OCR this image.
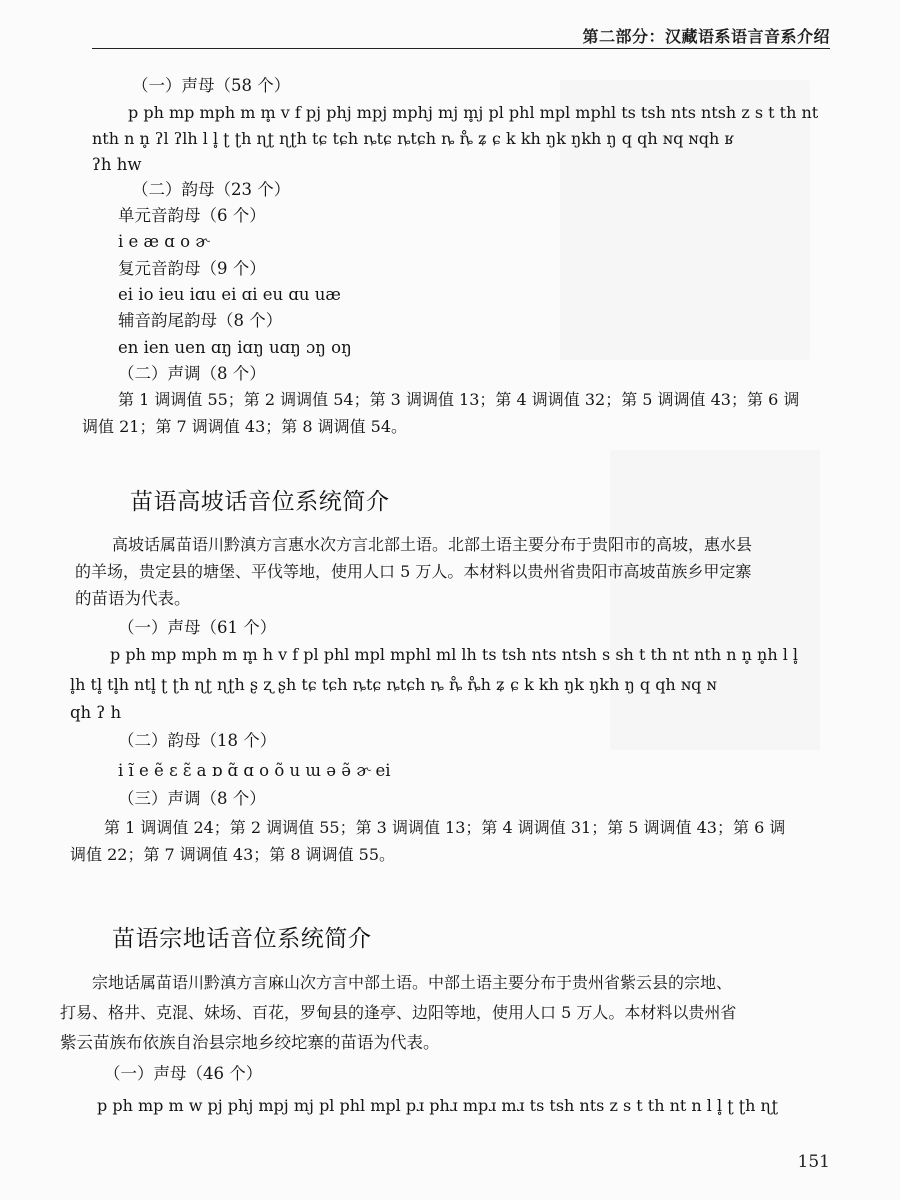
第二部分：汉藏语系语言音系介绍
（一）声母（58 个）
p ph mp mph m m̥ v f pj phj mpj mphj mj m̥j pl phl mpl mphl ts tsh nts ntsh z s t th nt
nth n n̥ ʔl ʔlh l l̥ ʈ ʈh ɳʈ ɳʈh tɕ tɕh ȵtɕ ȵtɕh ȵ ȵ̊ ʑ ɕ k kh ŋk ŋkh ŋ q qh ɴq ɴqh ʁ
ʔh hw
（二）韵母（23 个）
单元音韵母（6 个）
i e æ ɑ o ɚ
复元音韵母（9 个）
ei io ieu iɑu ei ɑi eu ɑu uæ
辅音韵尾韵母（8 个）
en ien uen ɑŋ iɑŋ uɑŋ ɔŋ oŋ
（二）声调（8 个）
第 1 调调值 55；第 2 调调值 54；第 3 调调值 13；第 4 调调值 32；第 5 调调值 43；第 6 调
调值 21；第 7 调调值 43；第 8 调调值 54。
苗语高坡话音位系统简介
高坡话属苗语川黔滇方言惠水次方言北部土语。北部土语主要分布于贵阳市的高坡，惠水县
的羊场，贵定县的塘堡、平伐等地，使用人口 5 万人。本材料以贵州省贵阳市高坡苗族乡甲定寨
的苗语为代表。
（一）声母（61 个）
p ph mp mph m m̥ h v f pl phl mpl mphl ml lh ts tsh nts ntsh s sh t th nt nth n n̥ n̥h l l̥
l̥h tl̥ tl̥h ntl̥ ʈ ʈh ɳʈ ɳʈh ʂ ʐ ʂh tɕ tɕh ȵtɕ ȵtɕh ȵ ȵ̊ ȵ̊h ʑ ɕ k kh ŋk ŋkh ŋ q qh ɴq ɴ
qh ʔ h
（二）韵母（18 个）
i ĩ e ẽ ɛ ɛ̃ a ɒ ɑ̃ ɑ o õ u ɯ ə ə̃ ɚ ei
（三）声调（8 个）
第 1 调调值 24；第 2 调调值 55；第 3 调调值 13；第 4 调调值 31；第 5 调调值 43；第 6 调
调值 22；第 7 调调值 43；第 8 调调值 55。
苗语宗地话音位系统简介
宗地话属苗语川黔滇方言麻山次方言中部土语。中部土语主要分布于贵州省紫云县的宗地、
打易、格井、克混、妹场、百花，罗甸县的逢亭、边阳等地，使用人口 5 万人。本材料以贵州省
紫云苗族布依族自治县宗地乡绞坨寨的苗语为代表。
（一）声母（46 个）
p ph mp m w pj phj mpj mj pl phl mpl pɹ phɹ mpɹ mɹ ts tsh nts z s t th nt n l l̥ ʈ ʈh ɳʈ
151
